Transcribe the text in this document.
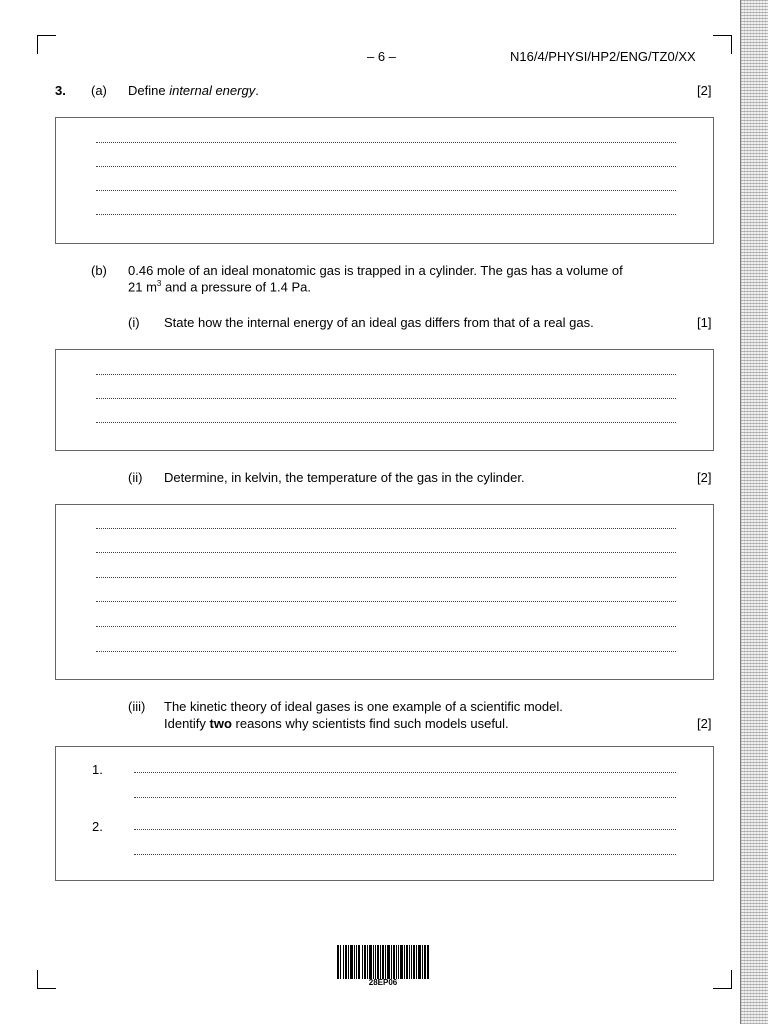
– 6 –	N16/4/PHYSI/HP2/ENG/TZ0/XX
3. (a) Define internal energy.	[2]
(b) 0.46 mole of an ideal monatomic gas is trapped in a cylinder. The gas has a volume of
21 $m^3$ and a pressure of 1.4 Pa.
(i) State how the internal energy of an ideal gas differs from that of a real gas.	[1]
(ii) Determine, in kelvin, the temperature of the gas in the cylinder.	[2]
(iii) The kinetic theory of ideal gases is one example of a scientific model.
Identify two reasons why scientists find such models useful.	[2]
1.
2.
28EP06
